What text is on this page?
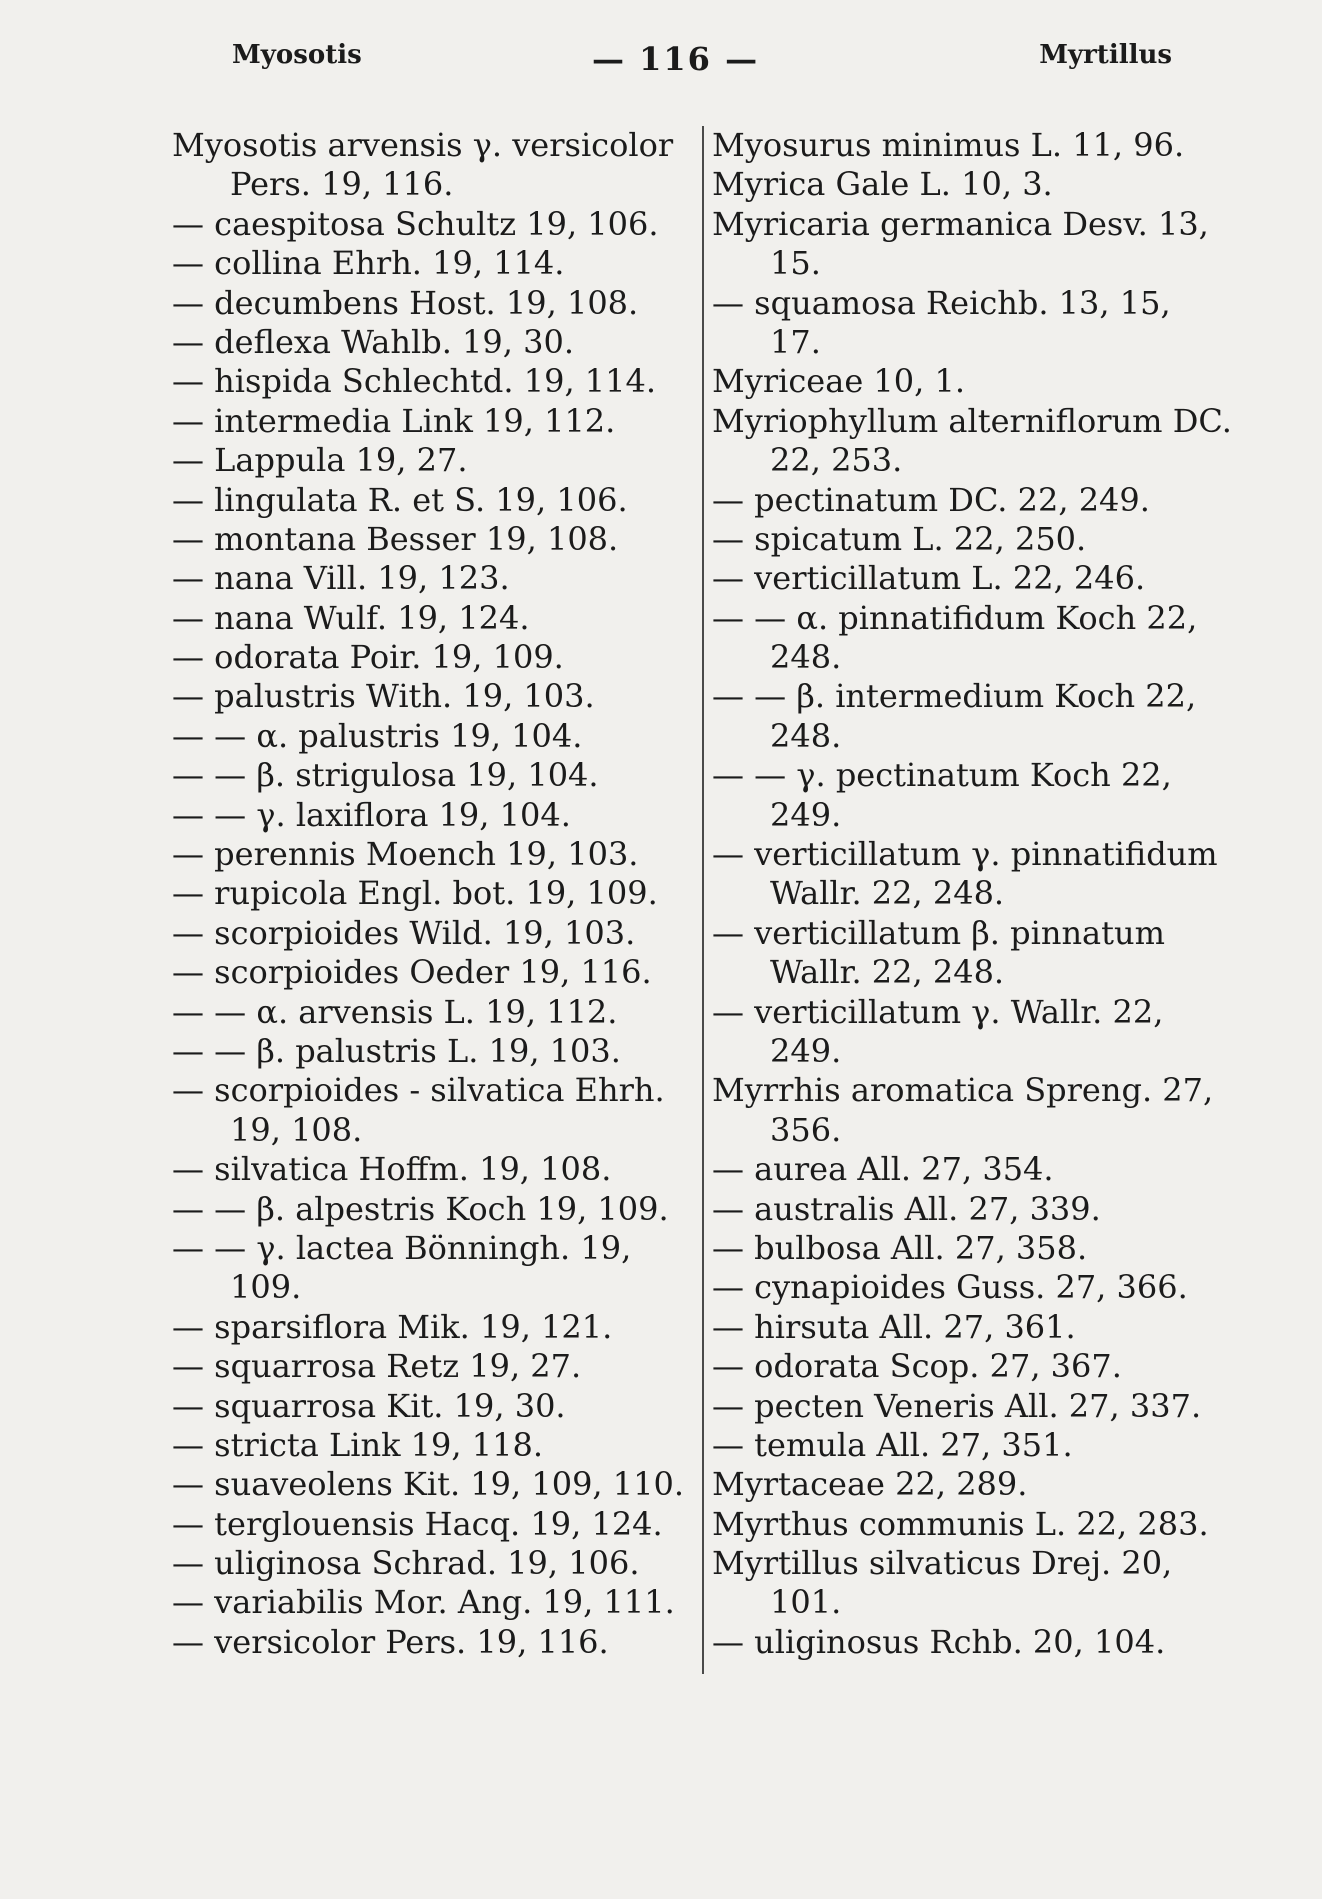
Myosotis	— 116 —	Myrtillus
Myosotis arvensis γ. versicolor
Pers. 19, 116.
— caespitosa Schultz 19, 106.
— collina Ehrh. 19, 114.
— decumbens Host. 19, 108.
— deflexa Wahlb. 19, 30.
— hispida Schlechtd. 19, 114.
— intermedia Link 19, 112.
— Lappula 19, 27.
— lingulata R. et S. 19, 106.
— montana Besser 19, 108.
— nana Vill. 19, 123.
— nana Wulf. 19, 124.
— odorata Poir. 19, 109.
— palustris With. 19, 103.
— — α. palustris 19, 104.
— — β. strigulosa 19, 104.
— — γ. laxiflora 19, 104.
— perennis Moench 19, 103.
— rupicola Engl. bot. 19, 109.
— scorpioides Wild. 19, 103.
— scorpioides Oeder 19, 116.
— — α. arvensis L. 19, 112.
— — β. palustris L. 19, 103.
— scorpioides - silvatica Ehrh.
19, 108.
— silvatica Hoffm. 19, 108.
— — β. alpestris Koch 19, 109.
— — γ. lactea Bönningh. 19,
109.
— sparsiflora Mik. 19, 121.
— squarrosa Retz 19, 27.
— squarrosa Kit. 19, 30.
— stricta Link 19, 118.
— suaveolens Kit. 19, 109, 110.
— terglouensis Hacq. 19, 124.
— uliginosa Schrad. 19, 106.
— variabilis Mor. Ang. 19, 111.
— versicolor Pers. 19, 116.
Myosurus minimus L. 11, 96.
Myrica Gale L. 10, 3.
Myricaria germanica Desv. 13,
15.
— squamosa Reichb. 13, 15,
17.
Myriceae 10, 1.
Myriophyllum alterniflorum DC.
22, 253.
— pectinatum DC. 22, 249.
— spicatum L. 22, 250.
— verticillatum L. 22, 246.
— — α. pinnatifidum Koch 22,
248.
— — β. intermedium Koch 22,
248.
— — γ. pectinatum Koch 22,
249.
— verticillatum γ. pinnatifidum
Wallr. 22, 248.
— verticillatum β. pinnatum
Wallr. 22, 248.
— verticillatum γ. Wallr. 22,
249.
Myrrhis aromatica Spreng. 27,
356.
— aurea All. 27, 354.
— australis All. 27, 339.
— bulbosa All. 27, 358.
— cynapioides Guss. 27, 366.
— hirsuta All. 27, 361.
— odorata Scop. 27, 367.
— pecten Veneris All. 27, 337.
— temula All. 27, 351.
Myrtaceae 22, 289.
Myrthus communis L. 22, 283.
Myrtillus silvaticus Drej. 20,
101.
— uliginosus Rchb. 20, 104.
